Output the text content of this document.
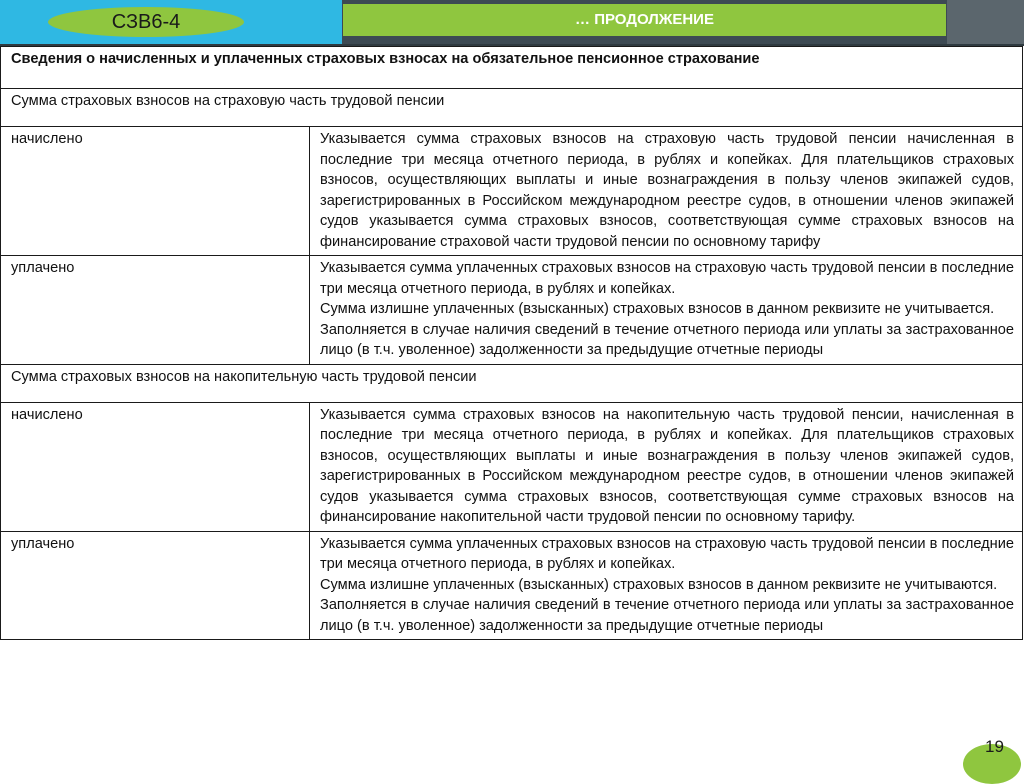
СЗВ6-4	… ПРОДОЛЖЕНИЕ
Сведения о начисленных и уплаченных страховых взносах на обязательное пенсионное страхование	
Сумма страховых взносов на страховую часть трудовой пенсии	
начислено	Указывается сумма страховых взносов на страховую часть трудовой пенсии начисленная в последние три месяца отчетного периода, в рублях и копейках. Для плательщиков страховых взносов, осуществляющих выплаты и иные вознаграждения в пользу членов экипажей судов, зарегистрированных в Российском международном реестре судов, в отношении членов экипажей судов указывается сумма страховых взносов, соответствующая сумме страховых взносов на финансирование страховой части трудовой пенсии по основному тарифу

уплачено	Указывается сумма уплаченных страховых взносов на страховую часть трудовой пенсии в последние три месяца отчетного периода, в рублях и копейках.
Сумма излишне уплаченных (взысканных) страховых взносов в данном реквизите не учитывается.
Заполняется в случае наличия сведений в течение отчетного периода или уплаты за застрахованное лицо (в т.ч. уволенное) задолженности за предыдущие отчетные периоды

Сумма страховых взносов на накопительную часть трудовой пенсии	
начислено	Указывается сумма страховых взносов на накопительную часть трудовой пенсии, начисленная в последние три месяца отчетного периода, в рублях и копейках. Для плательщиков страховых взносов, осуществляющих выплаты и иные вознаграждения в пользу членов экипажей судов, зарегистрированных в Российском международном реестре судов, в отношении членов экипажей судов указывается сумма страховых взносов, соответствующая сумме страховых взносов на финансирование накопительной части трудовой пенсии по основному тарифу.

уплачено	Указывается сумма уплаченных страховых взносов на страховую часть трудовой пенсии в последние три месяца отчетного периода, в рублях и копейках.
Сумма излишне уплаченных (взысканных) страховых взносов в данном реквизите не учитываются.
Заполняется в случае наличия сведений в течение отчетного периода или уплаты за застрахованное лицо (в т.ч. уволенное) задолженности за предыдущие отчетные периоды
19
